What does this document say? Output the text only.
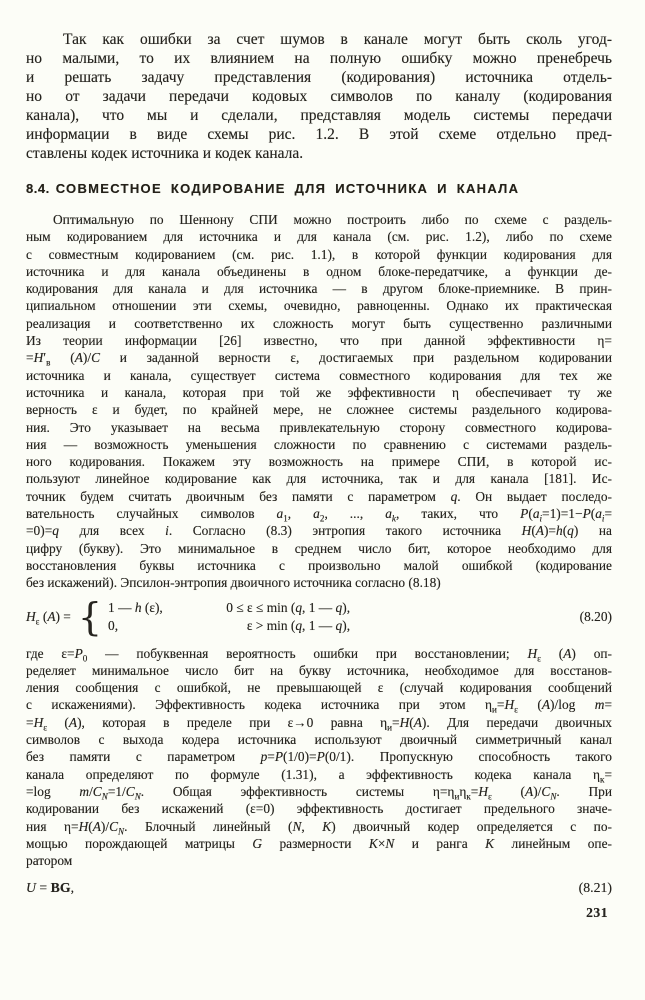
Так как ошибки за счет шумов в канале могут быть сколь угод-
но малыми, то их влиянием на полную ошибку можно пренебречь
и решать задачу представления (кодирования) источника отдель-
но от задачи передачи кодовых символов по каналу (кодирования
канала), что мы и сделали, представляя модель системы передачи
информации в виде схемы рис. 1.2. В этой схеме отдельно пред-
ставлены кодек источника и кодек канала.
8.4. СОВМЕСТНОЕ КОДИРОВАНИЕ ДЛЯ ИСТОЧНИКА И КАНАЛА
Оптимальную по Шеннону СПИ можно построить либо по схеме с раздель-
ным кодированием для источника и для канала (см. рис. 1.2), либо по схеме
с совместным кодированием (см. рис. 1.1), в которой функции кодирования для
источника и для канала объединены в одном блоке-передатчике, а функции де-
кодирования для канала и для источника — в другом блоке-приемнике. В прин-
ципиальном отношении эти схемы, очевидно, равноценны. Однако их практическая
реализация и соответственно их сложность могут быть существенно различными
Из теории информации [26] известно, что при данной эффективности η=
$=H'_в$ (A)/C и заданной верности ε, достигаемых при раздельном кодировании
источника и канала, существует система совместного кодирования для тех же
источника и канала, которая при той же эффективности η обеспечивает ту же
верность ε и будет, по крайней мере, не сложнее системы раздельного кодирова-
ния. Это указывает на весьма привлекательную сторону совместного кодирова-
ния — возможность уменьшения сложности по сравнению с системами раздель-
ного кодирования. Покажем эту возможность на примере СПИ, в которой ис-
пользуют линейное кодирование как для источника, так и для канала [181]. Ис-
точник будем считать двоичным без памяти с параметром q. Он выдает последо-
вательность случайных символов $a_1$, $a_2$, ..., $a_k$, таких, что $P(a_i=1)=1-P(a_i=$
=0)=q для всех i. Согласно (8.3) энтропия такого источника H(A)=h(q) на
цифру (букву). Это минимальное в среднем число бит, которое необходимо для
восстановления буквы источника с произвольно малой ошибкой (кодирование
без искажений). Эпсилон-энтропия двоичного источника согласно (8.18)
$H_\varepsilon$ (A) = { 1 — h (ε),	0 ≤ ε ≤ min (q, 1 — q),
0,	ε > min (q, 1 — q),
(8.20)
где $\varepsilon=P_0$ — побуквенная вероятность ошибки при восстановлении; $H_\varepsilon$ (A) оп-
ределяет минимальное число бит на букву источника, необходимое для восстанов-
ления сообщения с ошибкой, не превышающей ε (случай кодирования сообщений
с искажениями). Эффективность кодека источника при этом $\eta_и=H_\varepsilon$ (A)/log m=
$=H_\varepsilon$ (A), которая в пределе при ε→0 равна $\eta_и=H(A)$. Для передачи двоичных
символов с выхода кодера источника используют двоичный симметричный канал
без памяти с параметром p=P(1/0)=P(0/1). Пропускную способность такого
канала определяют по формуле (1.31), а эффективность кодека канала $\eta_к=$
=log $m/C_N=1/C_N$. Общая эффективность системы $\eta=\eta_и\eta_к=H_\varepsilon$ $(A)/C_N$. При
кодировании без искажений (ε=0) эффективность достигает предельного значе-
ния $\eta=H(A)/C_N$. Блочный линейный (N, K) двоичный кодер определяется с по-
мощью порождающей матрицы G размерности K×N и ранга K линейным опе-
ратором
U = BG,	(8.21)
231
